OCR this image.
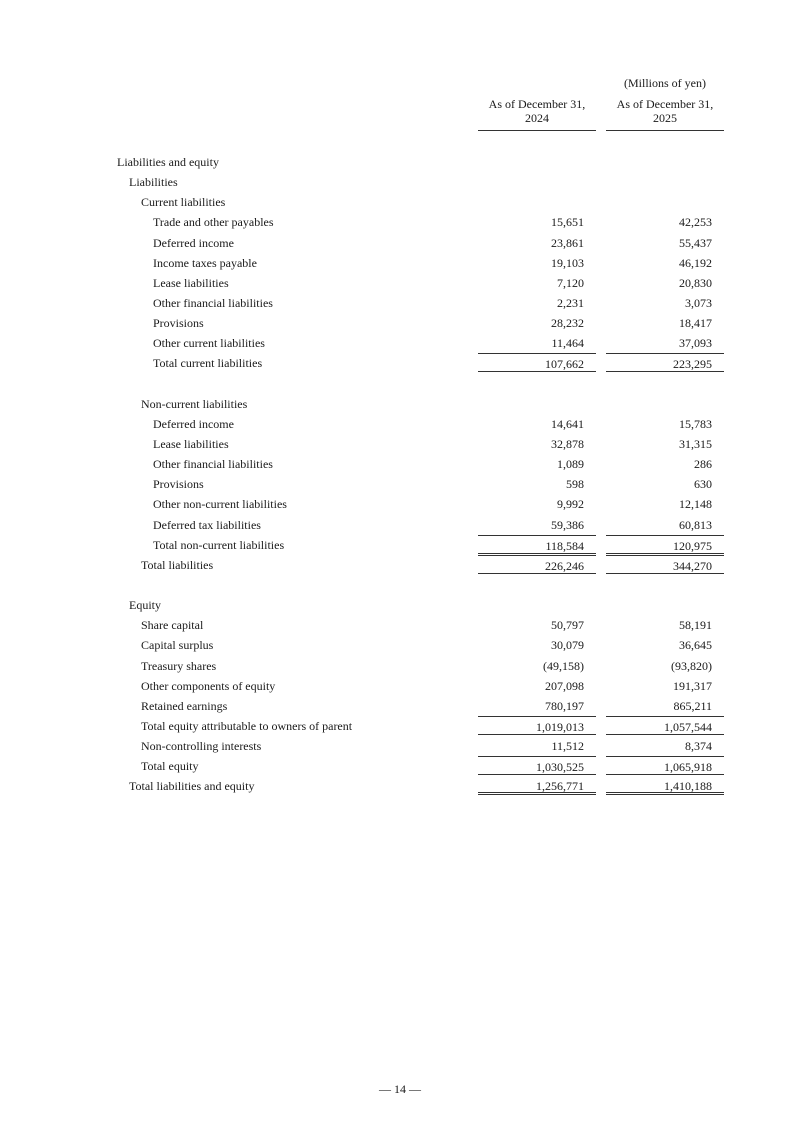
(Millions of yen)
As of December 31,
2024
As of December 31,
2025
Liabilities and equity
Liabilities
Current liabilities
Trade and other payables	15,651	42,253
Deferred income	23,861	55,437
Income taxes payable	19,103	46,192
Lease liabilities	7,120	20,830
Other financial liabilities	2,231	3,073
Provisions	28,232	18,417
Other current liabilities	11,464	37,093
Total current liabilities	107,662	223,295
Non-current liabilities
Deferred income	14,641	15,783
Lease liabilities	32,878	31,315
Other financial liabilities	1,089	286
Provisions	598	630
Other non-current liabilities	9,992	12,148
Deferred tax liabilities	59,386	60,813
Total non-current liabilities	118,584	120,975
Total liabilities	226,246	344,270
Equity
Share capital	50,797	58,191
Capital surplus	30,079	36,645
Treasury shares	(49,158)	(93,820)
Other components of equity	207,098	191,317
Retained earnings	780,197	865,211
Total equity attributable to owners of parent	1,019,013	1,057,544
Non-controlling interests	11,512	8,374
Total equity	1,030,525	1,065,918
Total liabilities and equity	1,256,771	1,410,188
― 14 ―
